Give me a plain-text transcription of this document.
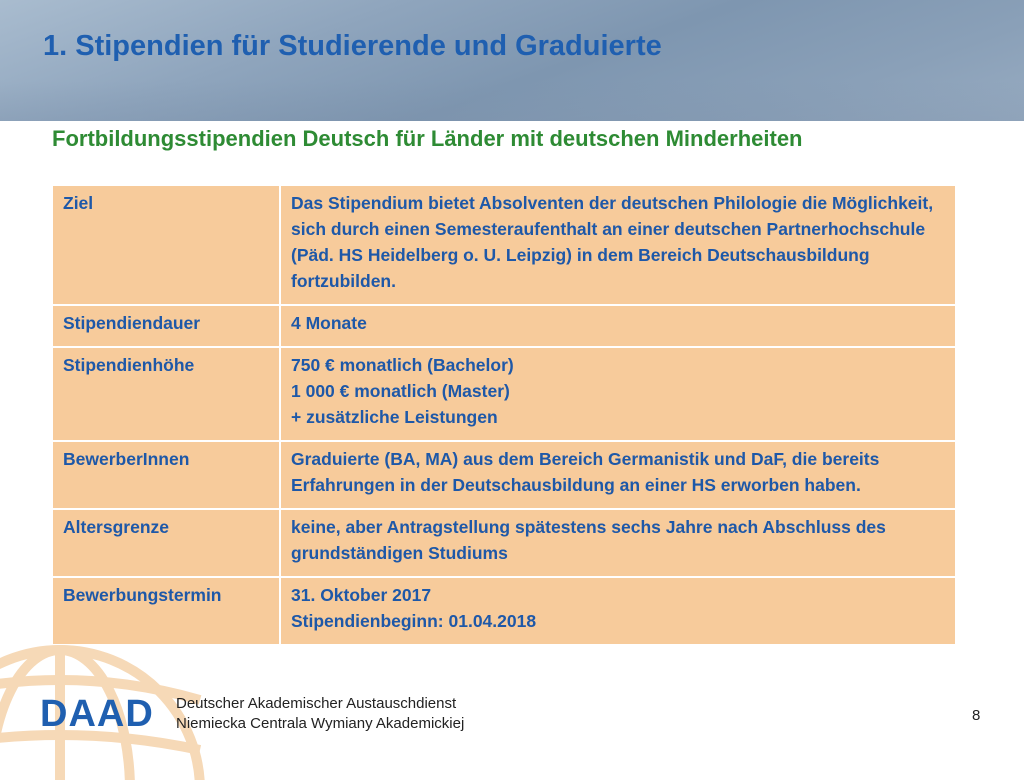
1. Stipendien für Studierende und Graduierte
Fortbildungsstipendien Deutsch für Länder mit deutschen Minderheiten
Ziel	Das Stipendium bietet Absolventen der deutschen Philologie die Möglichkeit, sich durch einen Semesteraufenthalt an einer deutschen Partnerhochschule (Päd. HS Heidelberg o. U. Leipzig) in dem Bereich Deutschausbildung fortzubilden.
Stipendiendauer	4 Monate
Stipendienhöhe	750 € monatlich (Bachelor)
1 000 € monatlich (Master)
+ zusätzliche Leistungen
BewerberInnen	Graduierte (BA, MA) aus dem Bereich Germanistik und DaF, die bereits Erfahrungen in der Deutschausbildung an einer HS erworben haben.
Altersgrenze	keine, aber Antragstellung spätestens sechs Jahre nach Abschluss des grundständigen Studiums
Bewerbungstermin	31. Oktober 2017
Stipendienbeginn: 01.04.2018
DAAD Deutscher Akademischer Austauschdienst
Niemiecka Centrala Wymiany Akademickiej	8
